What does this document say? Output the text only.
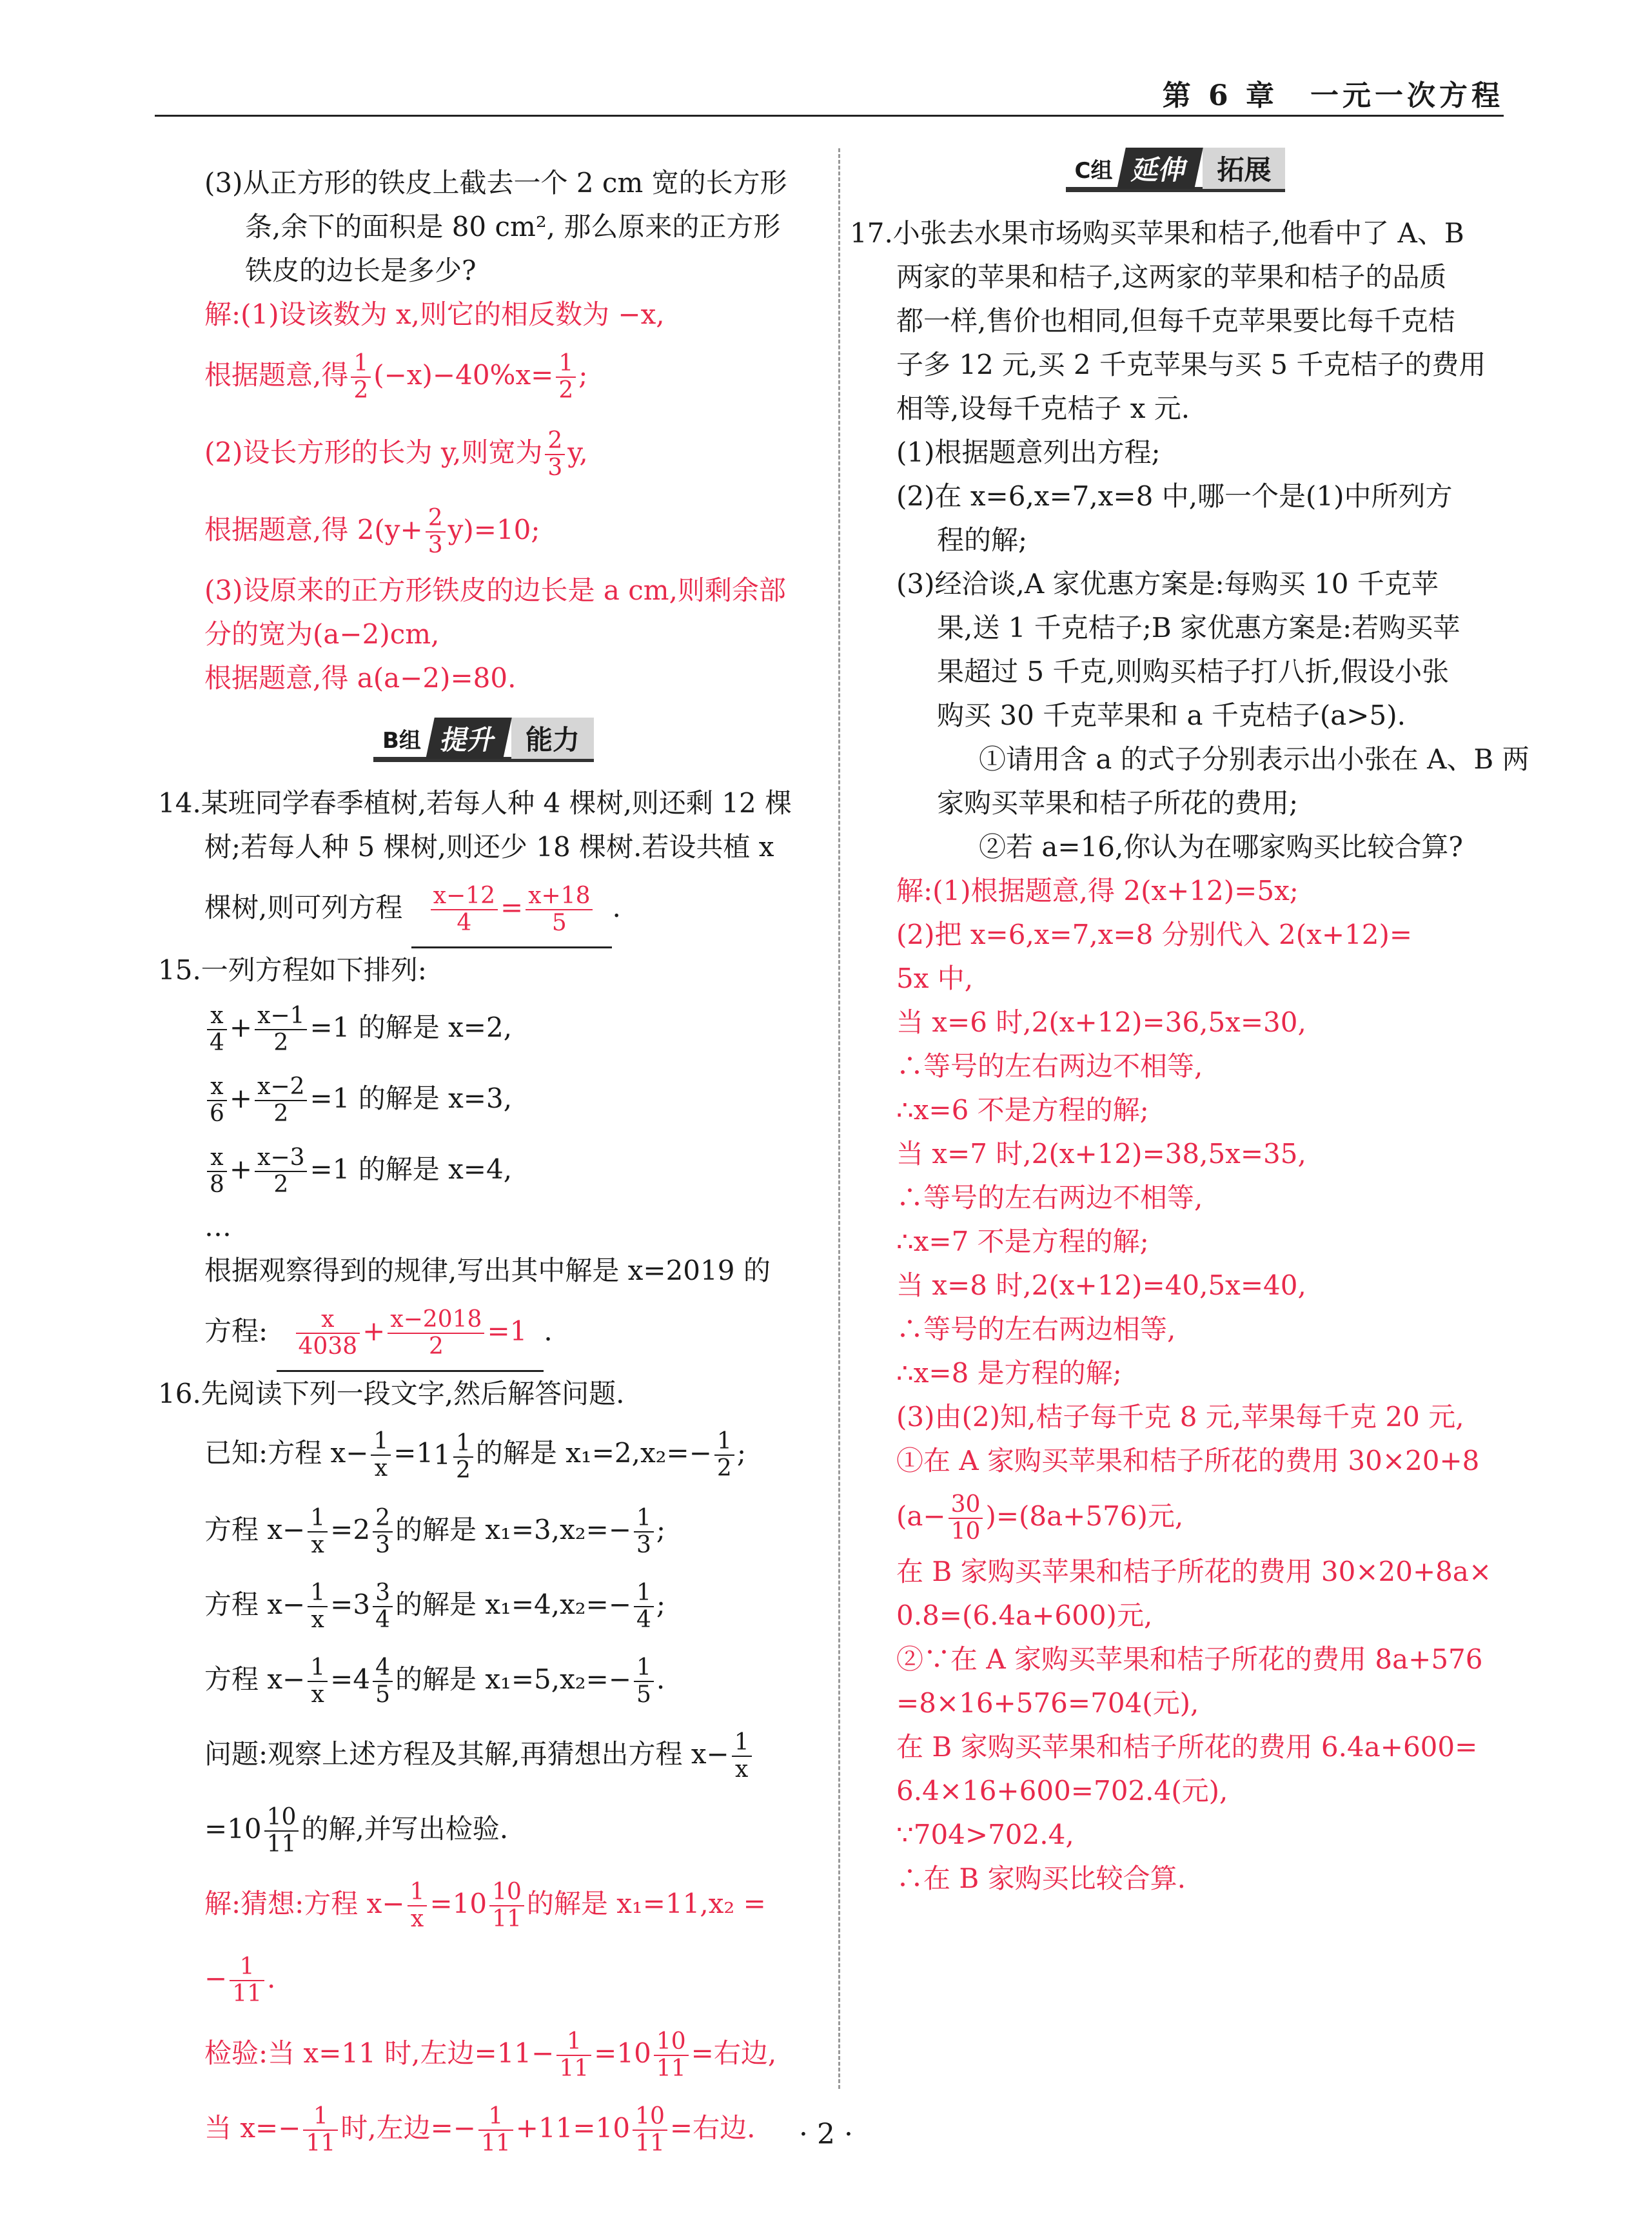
第 6 章　一元一次方程

(3)从正方形的铁皮上截去一个 2 cm 宽的长方形

条,余下的面积是 80 cm², 那么原来的正方形

铁皮的边长是多少?

解:(1)设该数为 x,则它的相反数为 −x,

根据题意,得 $\frac{1}{2} (-x)-40\%x= \frac{1}{2}$ ;

(2)设长方形的长为 y,则宽为 $\frac{2}{3} y$,

根据题意,得 $2(y+ \frac{2}{3} y)=10$;

(3)设原来的正方形铁皮的边长是 a cm,则剩余部

分的宽为(a−2)cm,

根据题意,得 a(a−2)=80.

B组 提升 能力

14.某班同学春季植树,若每人种 4 棵树,则还剩 12 棵

树;若每人种 5 棵树,则还少 18 棵树.若设共植 x

棵树,则可列方程 $\frac{x-12}{4} = \frac{x+18}{5}$ .

15.一列方程如下排列:

$\frac{x}{4} + \frac{x-1}{2} =1$ 的解是 x=2,

$\frac{x}{6} + \frac{x-2}{2} =1$ 的解是 x=3,

$\frac{x}{8} + \frac{x-3}{2} =1$ 的解是 x=4,

…

根据观察得到的规律,写出其中解是 x=2019 的

方程: $\frac{x}{4038} + \frac{x-2018}{2} =1$ .

16.先阅读下列一段文字,然后解答问题.

已知:方程 $x- \frac{1}{x} =11 \frac{1}{2}$ 的解是 $x_1=2,x_2=- \frac{1}{2}$ ;

方程 $x- \frac{1}{x} =2 \frac{2}{3}$ 的解是 $x_1=3,x_2=- \frac{1}{3}$ ;

方程 $x- \frac{1}{x} =3 \frac{3}{4}$ 的解是 $x_1=4,x_2=- \frac{1}{4}$ ;

方程 $x- \frac{1}{x} =4 \frac{4}{5}$ 的解是 $x_1=5,x_2=- \frac{1}{5}$ .

问题:观察上述方程及其解,再猜想出方程 $x- \frac{1}{x}$

$=10 \frac{10}{11}$ 的解,并写出检验.

解:猜想:方程 $x- \frac{1}{x} =10 \frac{10}{11}$ 的解是 x₁=11,x₂ =

− $\frac{1}{11}$ .

检验:当 x=11 时,左边$=11- \frac{1}{11} =10 \frac{10}{11}$ =右边,

当 $x=- \frac{1}{11}$ 时,左边=− $\frac{1}{11} +11=10 \frac{10}{11}$ =右边.

C组 延伸 拓展

17.小张去水果市场购买苹果和桔子,他看中了 A、B

两家的苹果和桔子,这两家的苹果和桔子的品质

都一样,售价也相同,但每千克苹果要比每千克桔

子多 12 元,买 2 千克苹果与买 5 千克桔子的费用

相等,设每千克桔子 x 元.

(1)根据题意列出方程;

(2)在 x=6,x=7,x=8 中,哪一个是(1)中所列方

程的解;

(3)经洽谈,A 家优惠方案是:每购买 10 千克苹

果,送 1 千克桔子;B 家优惠方案是:若购买苹

果超过 5 千克,则购买桔子打八折,假设小张

购买 30 千克苹果和 a 千克桔子(a>5).

①请用含 a 的式子分别表示出小张在 A、B 两

家购买苹果和桔子所花的费用;

②若 a=16,你认为在哪家购买比较合算?

解:(1)根据题意,得 2(x+12)=5x;

(2)把 x=6,x=7,x=8 分别代入 2(x+12)=

5x 中,

当 x=6 时,2(x+12)=36,5x=30,

∴等号的左右两边不相等,

∴x=6 不是方程的解;

当 x=7 时,2(x+12)=38,5x=35,

∴等号的左右两边不相等,

∴x=7 不是方程的解;

当 x=8 时,2(x+12)=40,5x=40,

∴等号的左右两边相等,

∴x=8 是方程的解;

(3)由(2)知,桔子每千克 8 元,苹果每千克 20 元,

①在 A 家购买苹果和桔子所花的费用 30×20+8

$(a- \frac{30}{10} )=(8a+576)$元,

在 B 家购买苹果和桔子所花的费用 30×20+8a×

0.8=(6.4a+600)元,

②∵在 A 家购买苹果和桔子所花的费用 8a+576

=8×16+576=704(元),

在 B 家购买苹果和桔子所花的费用 6.4a+600=

6.4×16+600=702.4(元),

∵704>702.4,

∴在 B 家购买比较合算.

· 2 ·
